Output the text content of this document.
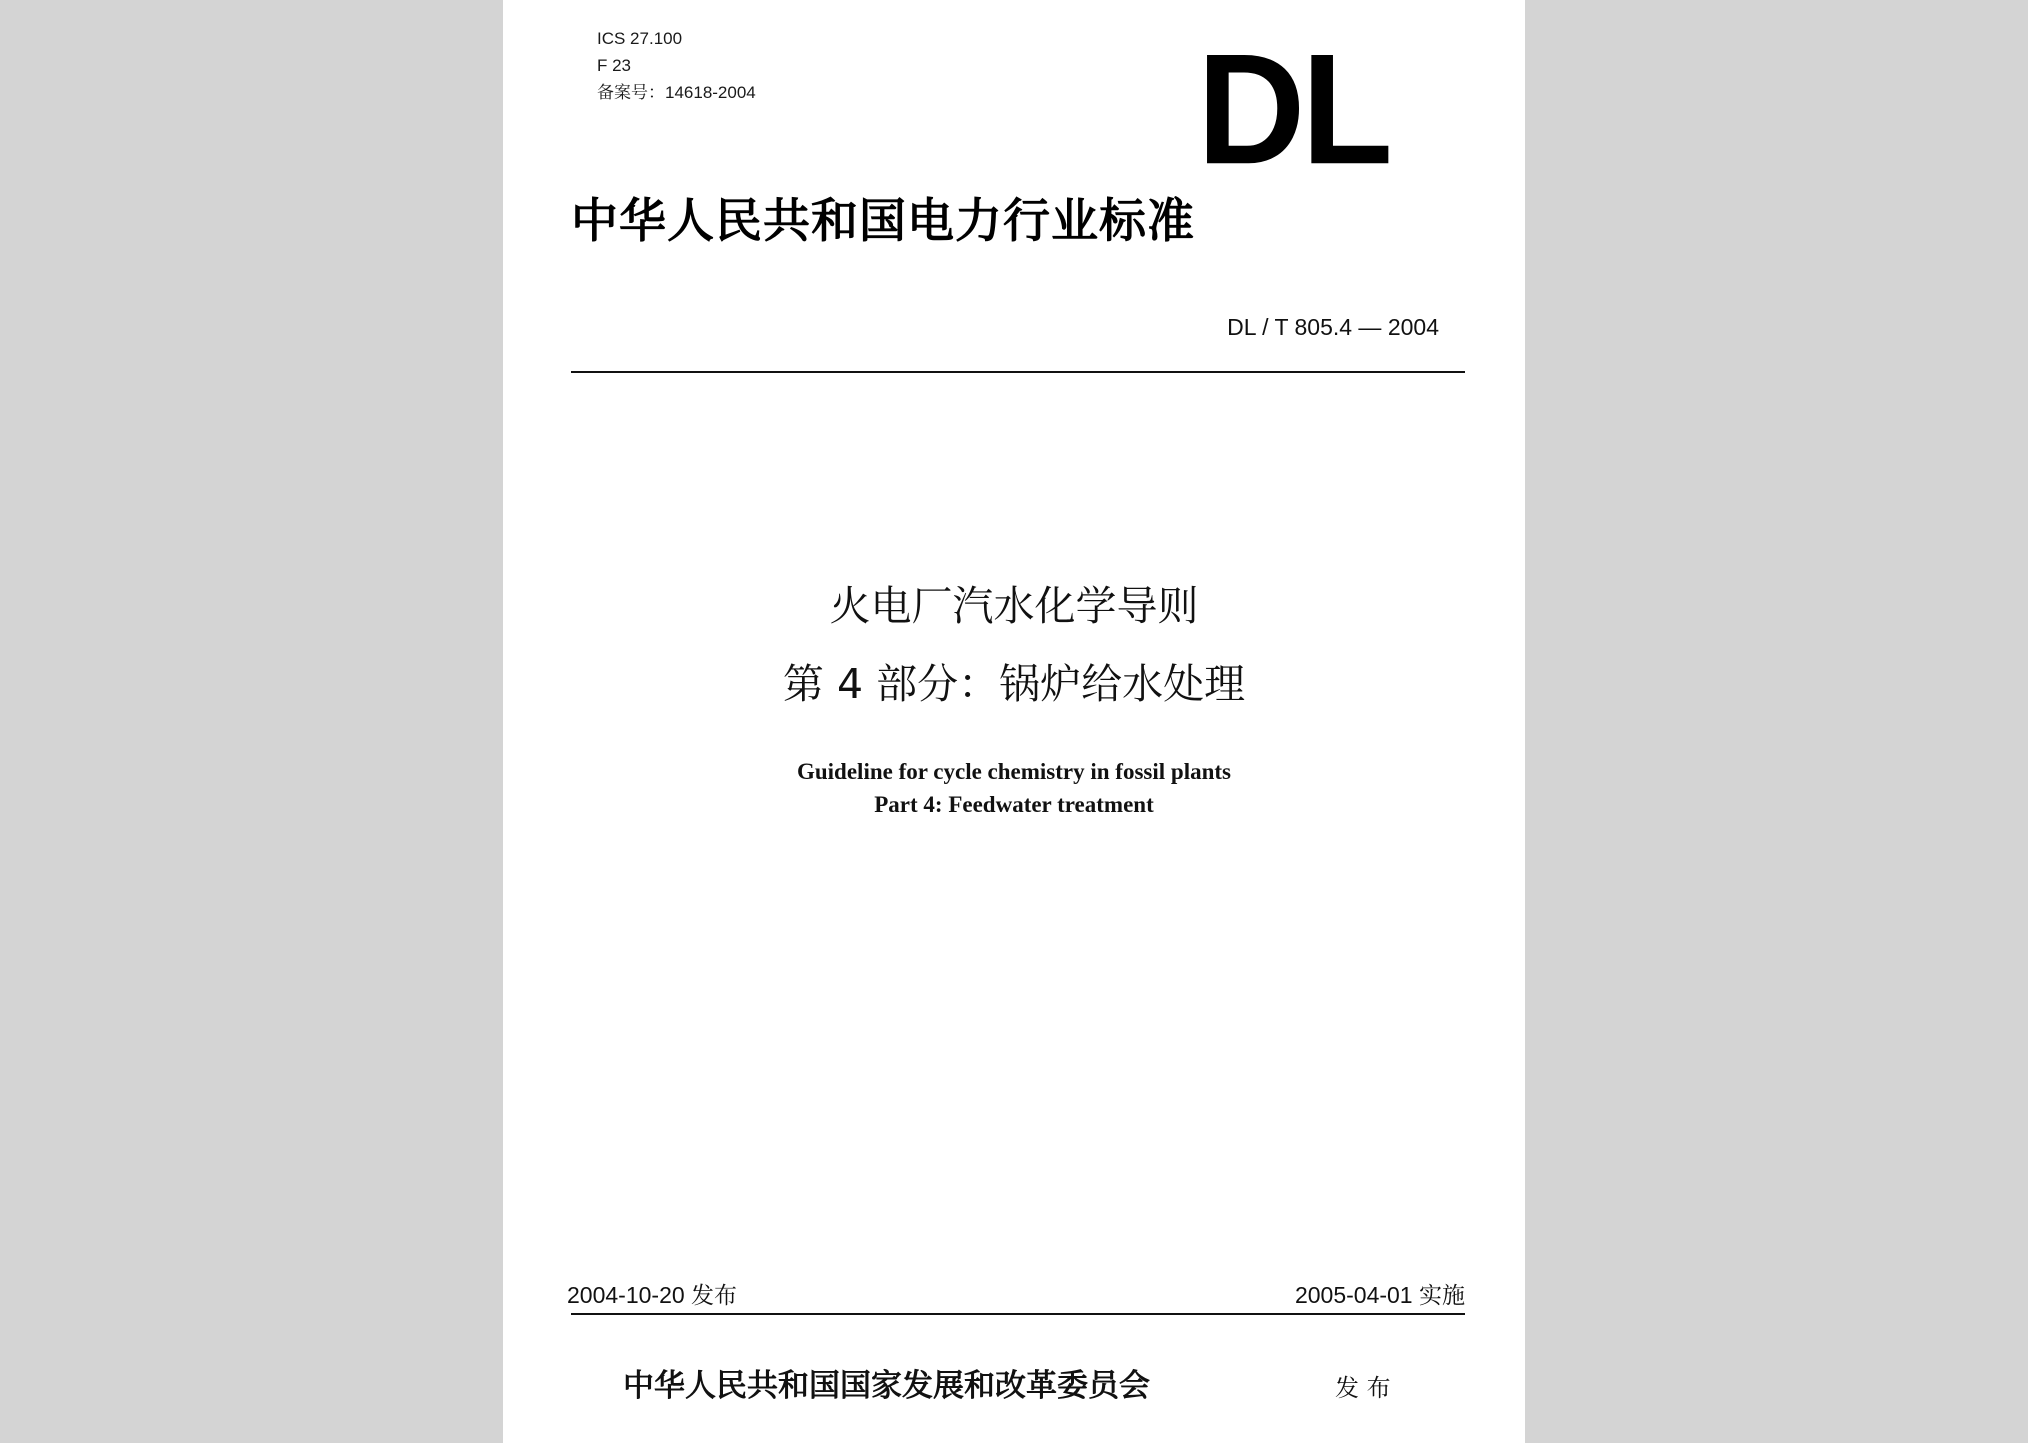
ICS 27.100
F 23
备案号：14618-2004	DL
中华人民共和国电力行业标准
DL / T 805.4 — 2004
火电厂汽水化学导则
第 4 部分：锅炉给水处理
Guideline for cycle chemistry in fossil plants
Part 4: Feedwater treatment
2004-10-20 发布	2005-04-01 实施
中华人民共和国国家发展和改革委员会	发 布
